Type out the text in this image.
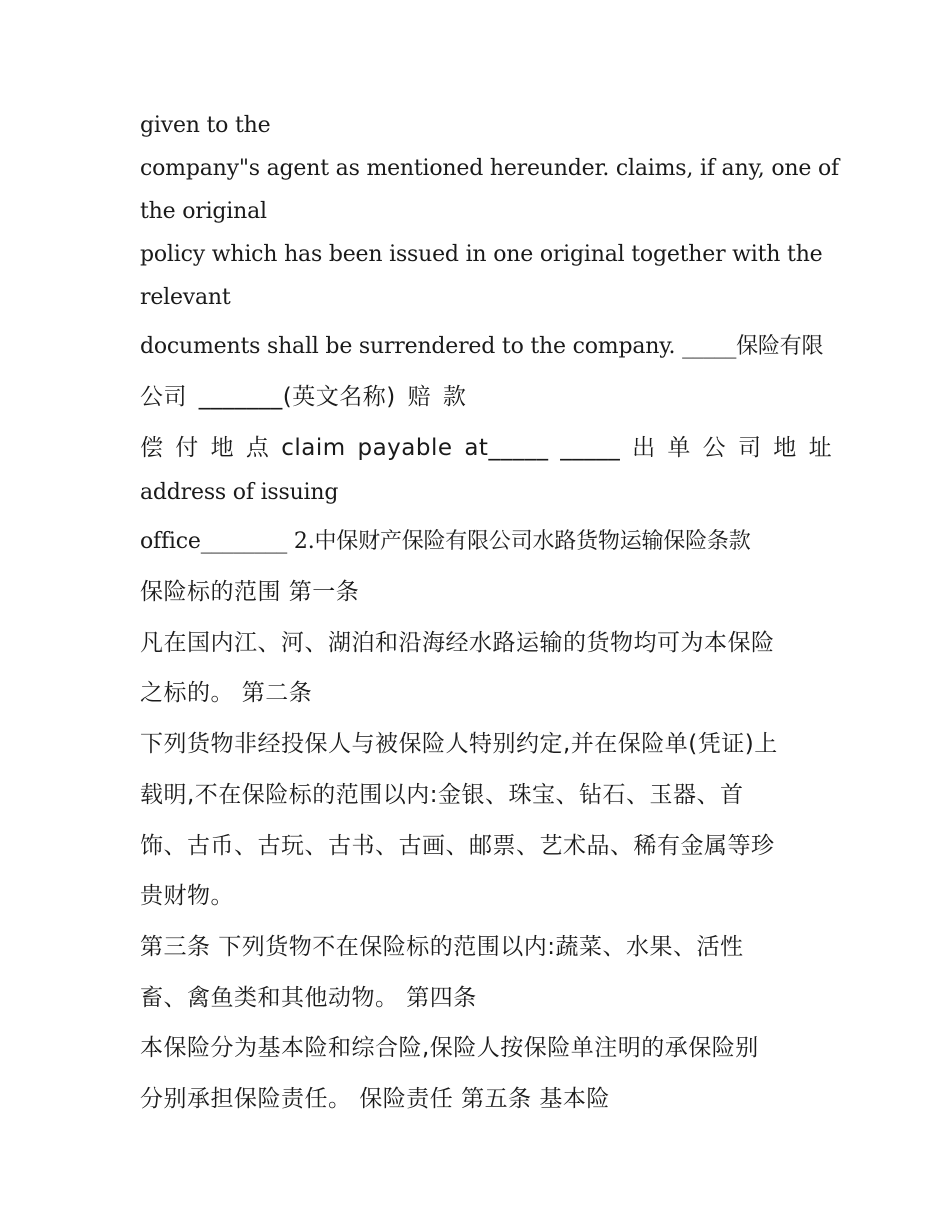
given to the

company"s agent as mentioned hereunder. claims, if any, one of

the original

policy which has been issued in one original together with the

relevant

documents shall be surrendered to the company. _____保险有限

公司 _______(英文名称) 赔 款

偿 付 地 点 claim payable at_____ _____ 出 单 公 司 地 址

address of issuing

office________ 2.中保财产保险有限公司水路货物运输保险条款

保险标的范围 第一条

凡在国内江、河、湖泊和沿海经水路运输的货物均可为本保险

之标的。 第二条

下列货物非经投保人与被保险人特别约定,并在保险单(凭证)上

载明,不在保险标的范围以内:金银、珠宝、钻石、玉器、首

饰、古币、古玩、古书、古画、邮票、艺术品、稀有金属等珍

贵财物。

第三条 下列货物不在保险标的范围以内:蔬菜、水果、活性

畜、禽鱼类和其他动物。 第四条

本保险分为基本险和综合险,保险人按保险单注明的承保险别

分别承担保险责任。 保险责任 第五条 基本险
